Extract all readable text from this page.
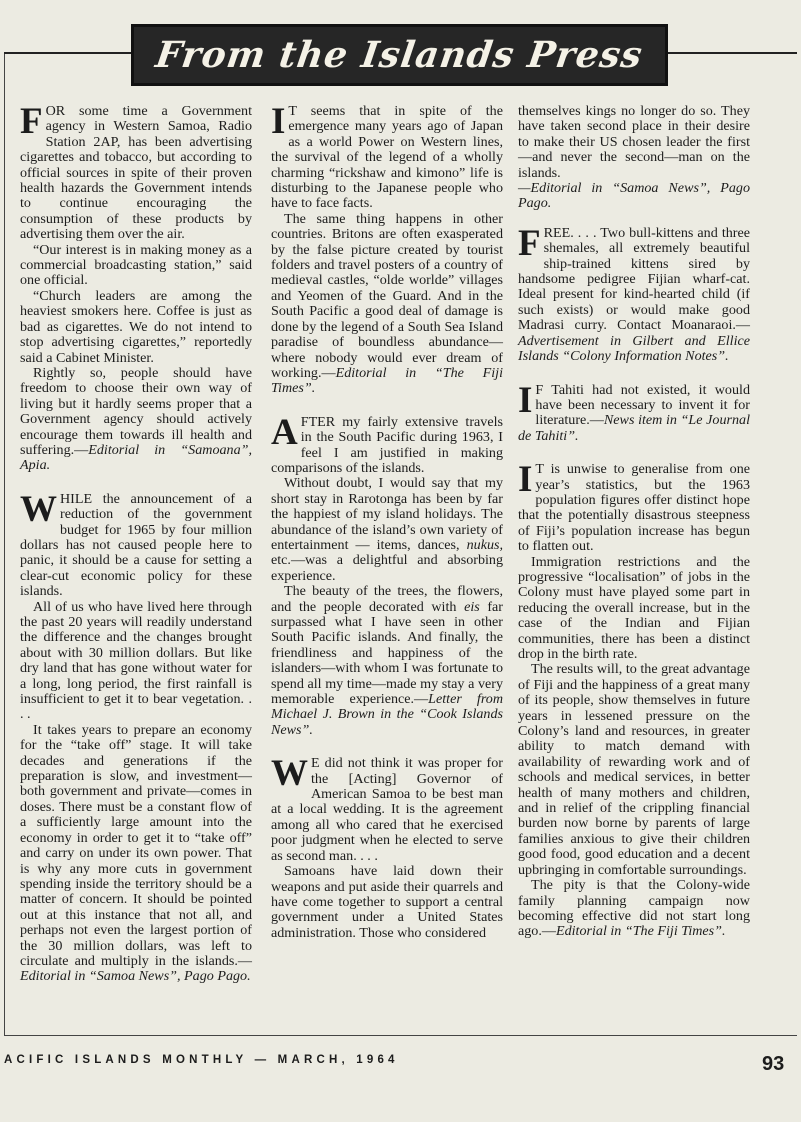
From the Islands Press

FOR some time a Government agency in Western Samoa, Radio Station 2AP, has been advertising cigarettes and tobacco, but according to official sources in spite of their proven health hazards the Government intends to continue encouraging the consumption of these products by advertising them over the air.

“Our interest is in making money as a commercial broadcasting station,” said one official.

“Church leaders are among the heaviest smokers here. Coffee is just as bad as cigarettes. We do not intend to stop advertising cigarettes,” reportedly said a Cabinet Minister.

Rightly so, people should have freedom to choose their own way of living but it hardly seems proper that a Government agency should actively encourage them towards ill health and suffering.—Editorial in “Samoana”, Apia.

WHILE the announcement of a reduction of the government budget for 1965 by four million dollars has not caused people here to panic, it should be a cause for setting a clear-cut economic policy for these islands.

All of us who have lived here through the past 20 years will readily understand the difference and the changes brought about with 30 million dollars. But like dry land that has gone without water for a long, long period, the first rainfall is insufficient to get it to bear vegetation. . . .

It takes years to prepare an economy for the “take off” stage. It will take decades and generations if the preparation is slow, and investment—both government and private—comes in doses. There must be a constant flow of a sufficiently large amount into the economy in order to get it to “take off” and carry on under its own power. That is why any more cuts in government spending inside the territory should be a matter of concern. It should be pointed out at this instance that not all, and perhaps not even the largest portion of the 30 million dollars, was left to circulate and multiply in the islands.—Editorial in “Samoa News”, Pago Pago.

I T seems that in spite of the emergence many years ago of Japan as a world Power on Western lines, the survival of the legend of a wholly charming “rickshaw and kimono” life is disturbing to the Japanese people who have to face facts.

The same thing happens in other countries. Britons are often exasperated by the false picture created by tourist folders and travel posters of a country of medieval castles, “olde worlde” villages and Yeomen of the Guard. And in the South Pacific a good deal of damage is done by the legend of a South Sea Island paradise of boundless abundance—where nobody would ever dream of working.—Editorial in “The Fiji Times”.

AFTER my fairly extensive travels in the South Pacific during 1963, I feel I am justified in making comparisons of the islands.

Without doubt, I would say that my short stay in Rarotonga has been by far the happiest of my island holidays. The abundance of the island’s own variety of entertainment — items, dances, nukus, etc.—was a delightful and absorbing experience.

The beauty of the trees, the flowers, and the people decorated with eis far surpassed what I have seen in other South Pacific islands. And finally, the friendliness and happiness of the islanders—with whom I was fortunate to spend all my time—made my stay a very memorable experience.—Letter from Michael J. Brown in the “Cook Islands News”.

W E did not think it was proper for the [Acting] Governor of American Samoa to be best man at a local wedding. It is the agreement among all who cared that he exercised poor judgment when he elected to serve as second man. . . .

Samoans have laid down their weapons and put aside their quarrels and have come together to support a central government under a United States administration. Those who considered

themselves kings no longer do so. They have taken second place in their desire to make their US chosen leader the first—and never the second—man on the islands.

—Editorial in “Samoa News”, Pago Pago.

FREE. . . . Two bull-kittens and three shemales, all extremely beautiful ship-trained kittens sired by handsome pedigree Fijian wharf-cat. Ideal present for kind-hearted child (if such exists) or would make good Madrasi curry. Contact Moanaraoi.—Advertisement in Gilbert and Ellice Islands “Colony Information Notes”.

I F Tahiti had not existed, it would have been necessary to invent it for literature.—News item in “Le Journal de Tahiti”.

I T is unwise to generalise from one year’s statistics, but the 1963 population figures offer distinct hope that the potentially disastrous steepness of Fiji’s population increase has begun to flatten out.

Immigration restrictions and the progressive “localisation” of jobs in the Colony must have played some part in reducing the overall increase, but in the case of the Indian and Fijian communities, there has been a distinct drop in the birth rate.

The results will, to the great advantage of Fiji and the happiness of a great many of its people, show themselves in future years in lessened pressure on the Colony’s land and resources, in greater ability to match demand with availability of rewarding work and of schools and medical services, in better health of many mothers and children, and in relief of the crippling financial burden now borne by parents of large families anxious to give their children good food, good education and a decent upbringing in comfortable surroundings.

The pity is that the Colony-wide family planning campaign now becoming effective did not start long ago.—Editorial in “The Fiji Times”.

ACIFIC ISLANDS MONTHLY — MARCH, 1964	93
